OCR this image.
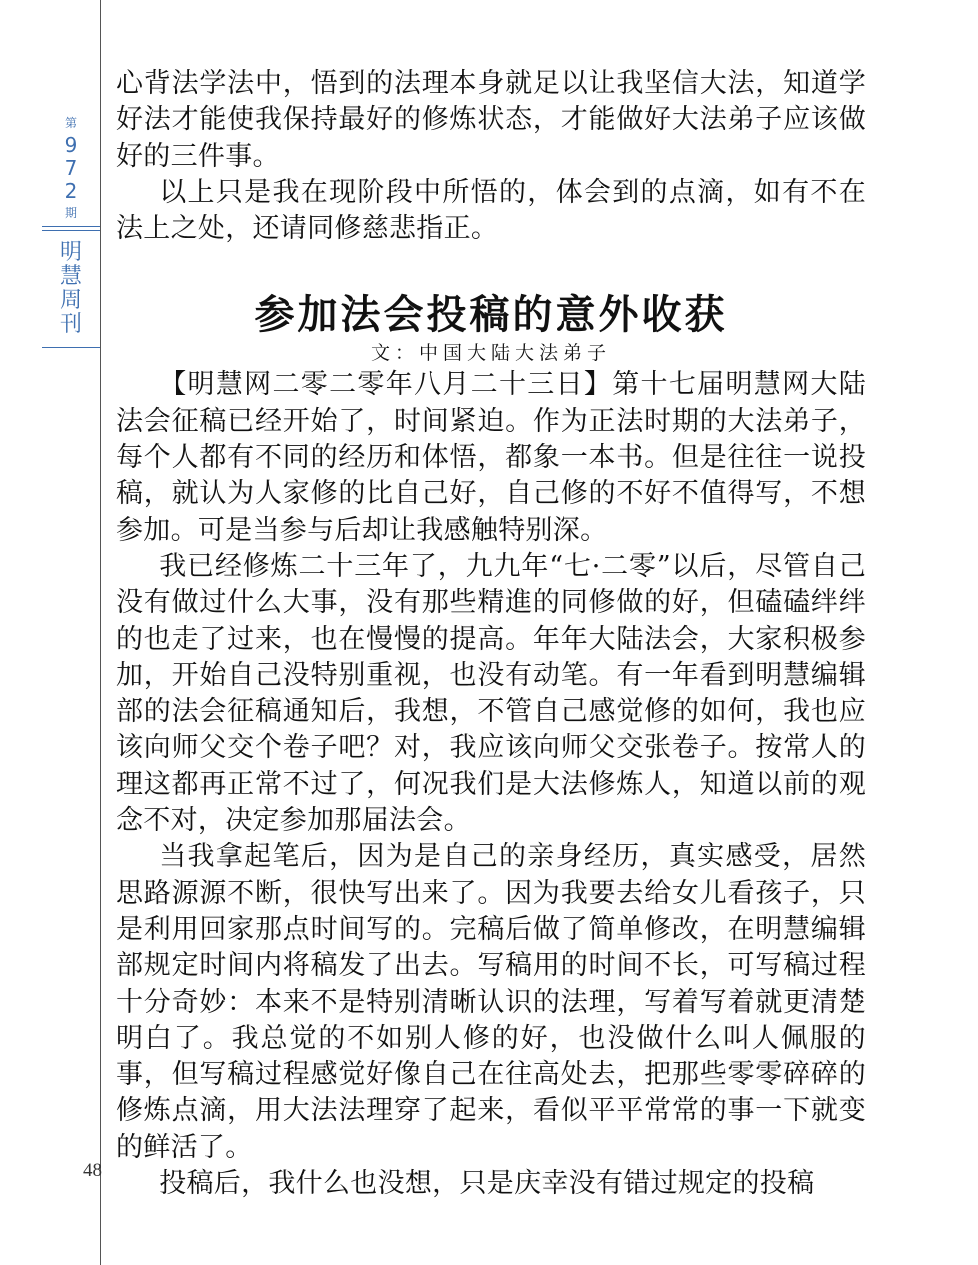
第
9
7
2
期
明
慧
周
刊
48

心背法学法中，悟到的法理本身就足以让我坚信大法，知道学好法才能使我保持最好的修炼状态，才能做好大法弟子应该做好的三件事。

以上只是我在现阶段中所悟的，体会到的点滴，如有不在法上之处，还请同修慈悲指正。

参加法会投稿的意外收获
文：中国大陆大法弟子

【明慧网二零二零年八月二十三日】第十七届明慧网大陆法会征稿已经开始了，时间紧迫。作为正法时期的大法弟子，每个人都有不同的经历和体悟，都象一本书。但是往往一说投稿，就认为人家修的比自己好，自己修的不好不值得写，不想参加。可是当参与后却让我感触特别深。

我已经修炼二十三年了，九九年“七·二零”以后，尽管自己没有做过什么大事，没有那些精進的同修做的好，但磕磕绊绊的也走了过来，也在慢慢的提高。年年大陆法会，大家积极参加，开始自己没特别重视，也没有动笔。有一年看到明慧编辑部的法会征稿通知后，我想，不管自己感觉修的如何，我也应该向师父交个卷子吧？对，我应该向师父交张卷子。按常人的理这都再正常不过了，何况我们是大法修炼人，知道以前的观念不对，决定参加那届法会。

当我拿起笔后，因为是自己的亲身经历，真实感受，居然思路源源不断，很快写出来了。因为我要去给女儿看孩子，只是利用回家那点时间写的。完稿后做了简单修改，在明慧编辑部规定时间内将稿发了出去。写稿用的时间不长，可写稿过程十分奇妙：本来不是特别清晰认识的法理，写着写着就更清楚明白了。我总觉的不如别人修的好，也没做什么叫人佩服的事，但写稿过程感觉好像自己在往高处去，把那些零零碎碎的修炼点滴，用大法法理穿了起来，看似平平常常的事一下就变的鲜活了。

投稿后，我什么也没想，只是庆幸没有错过规定的投稿
